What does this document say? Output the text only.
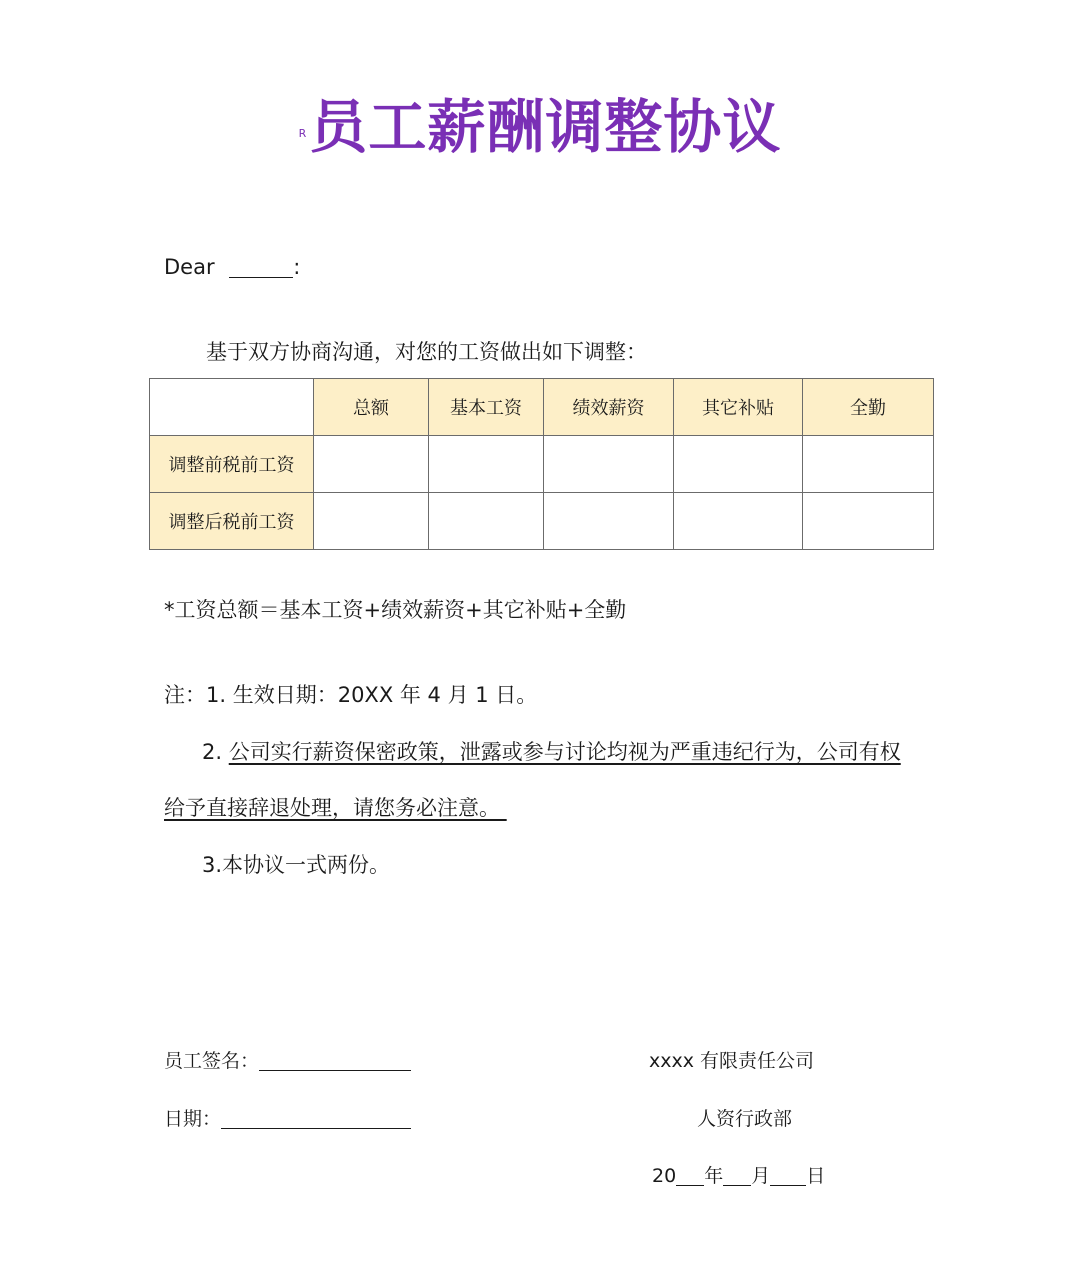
R员工薪酬调整协议
Dear	:
基于双方协商沟通，对您的工资做出如下调整：
	总额	基本工资	绩效薪资	其它补贴	全勤
调整前税前工资					
调整后税前工资					
*工资总额＝基本工资+绩效薪资+其它补贴+全勤
注：1. 生效日期：20XX 年 4 月 1 日。
2. 公司实行薪资保密政策，泄露或参与讨论均视为严重违纪行为，公司有权
给予直接辞退处理，请您务必注意。
3.本协议一式两份。
员工签名：
日期：
xxxx 有限责任公司
人资行政部
20 年 月 日
